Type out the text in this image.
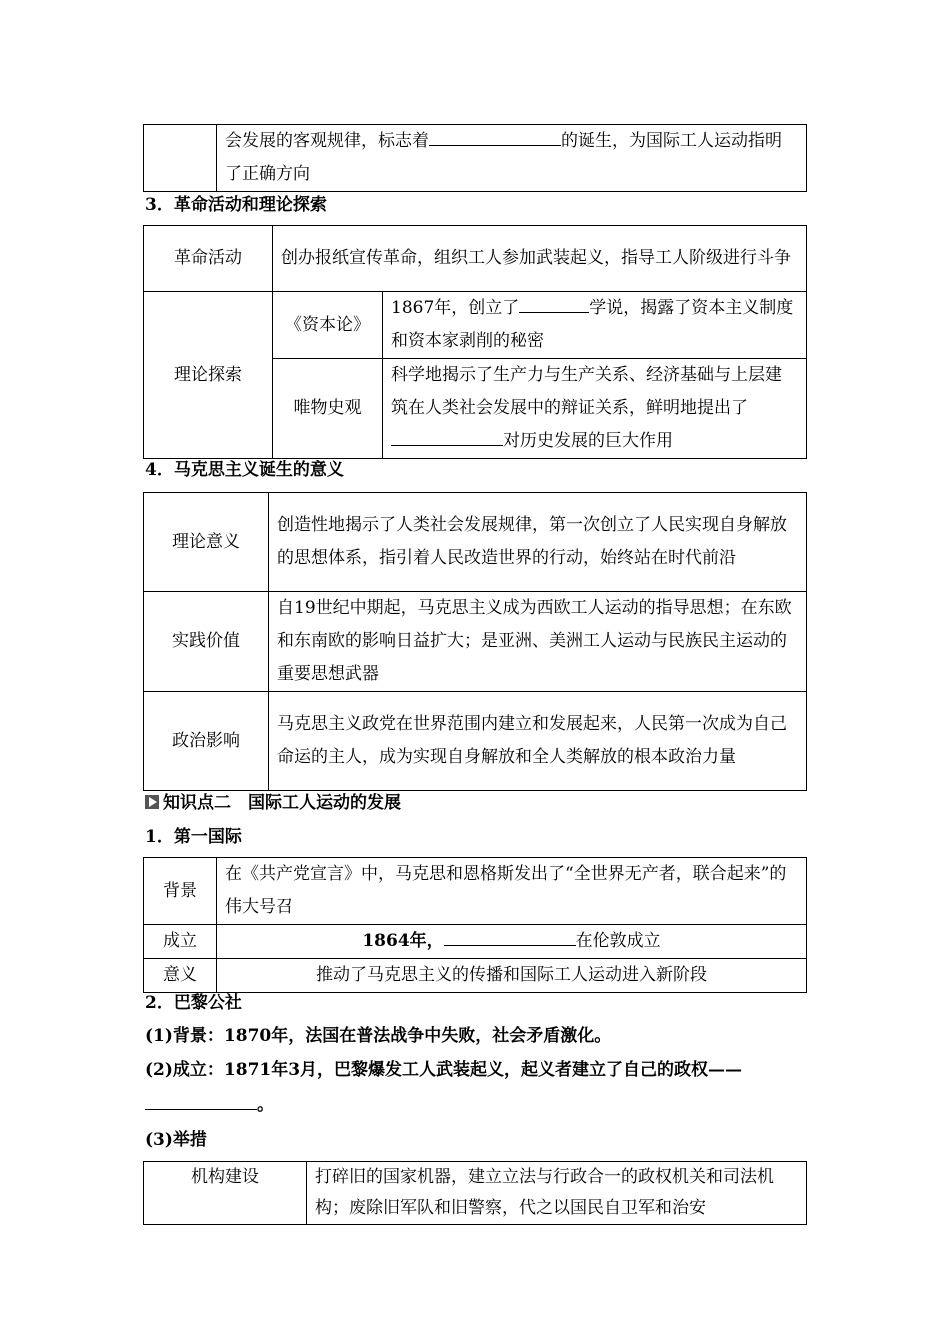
	会发展的客观规律，标志着	的诞生，为国际工人运动指明了正确方向
3．革命活动和理论探索
革命活动	创办报纸宣传革命，组织工人参加武装起义，指导工人阶级进行斗争	
理论探索	《资本论》	1867年，创立了 学说，揭露了资本主义制度和资本家剥削的秘密
	唯物史观	科学地揭示了生产力与生产关系、经济基础与上层建筑在人类社会发展中的辩证关系，鲜明地提出了对历史发展的巨大作用
4．马克思主义诞生的意义
理论意义	创造性地揭示了人类社会发展规律，第一次创立了人民实现自身解放的思想体系，指引着人民改造世界的行动，始终站在时代前沿
实践价值	自19世纪中期起，马克思主义成为西欧工人运动的指导思想；在东欧和东南欧的影响日益扩大；是亚洲、美洲工人运动与民族民主运动的重要思想武器
政治影响	马克思主义政党在世界范围内建立和发展起来，人民第一次成为自己命运的主人，成为实现自身解放和全人类解放的根本政治力量
知识点二　国际工人运动的发展
1．第一国际
背景	在《共产党宣言》中，马克思和恩格斯发出了“全世界无产者，联合起来”的伟大号召
成立	1864年， 在伦敦成立
意义	推动了马克思主义的传播和国际工人运动进入新阶段
2．巴黎公社
(1)背景：1870年，法国在普法战争中失败，社会矛盾激化。
(2)成立：1871年3月，巴黎爆发工人武装起义，起义者建立了自己的政权——
。
(3)举措
机构建设	打碎旧的国家机器，建立立法与行政合一的政权机关和司法机构；废除旧军队和旧警察，代之以国民自卫军和治安
